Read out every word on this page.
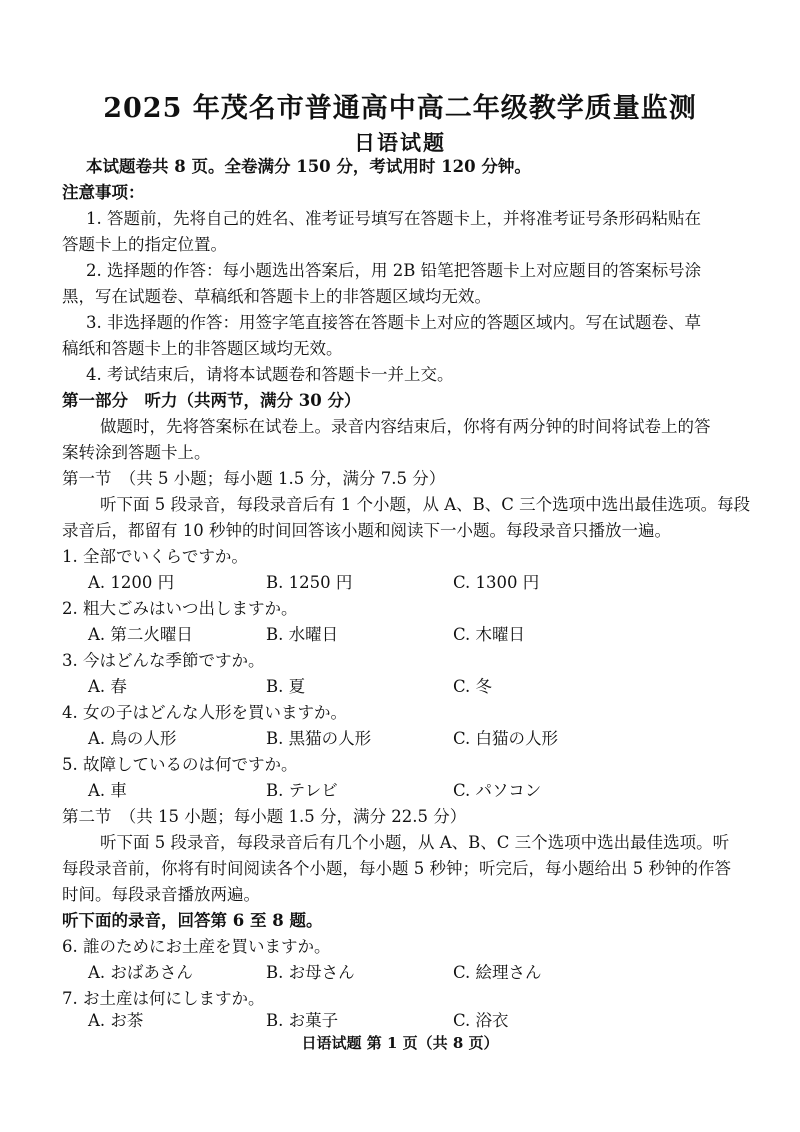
2025 年茂名市普通高中高二年级教学质量监测
日语试题
本试题卷共 8 页。全卷满分 150 分，考试用时 120 分钟。
注意事项：
1. 答题前，先将自己的姓名、准考证号填写在答题卡上，并将准考证号条形码粘贴在
答题卡上的指定位置。
2. 选择题的作答：每小题选出答案后，用 2B 铅笔把答题卡上对应题目的答案标号涂
黑，写在试题卷、草稿纸和答题卡上的非答题区域均无效。
3. 非选择题的作答：用签字笔直接答在答题卡上对应的答题区域内。写在试题卷、草
稿纸和答题卡上的非答题区域均无效。
4. 考试结束后，请将本试题卷和答题卡一并上交。
第一部分　听力（共两节，满分 30 分）
做题时，先将答案标在试卷上。录音内容结束后，你将有两分钟的时间将试卷上的答
案转涂到答题卡上。
第一节　（共 5 小题；每小题 1.5 分，满分 7.5 分）
听下面 5 段录音，每段录音后有 1 个小题，从 A、B、C 三个选项中选出最佳选项。每段
录音后，都留有 10 秒钟的时间回答该小题和阅读下一小题。每段录音只播放一遍。
1. 全部でいくらですか。
A. 1200 円	B. 1250 円	C. 1300 円
2. 粗大ごみはいつ出しますか。
A. 第二火曜日	B. 水曜日	C. 木曜日
3. 今はどんな季節ですか。
A. 春	B. 夏	C. 冬
4. 女の子はどんな人形を買いますか。
A. 鳥の人形	B. 黒猫の人形	C. 白猫の人形
5. 故障しているのは何ですか。
A. 車	B. テレビ	C. パソコン
第二节　（共 15 小题；每小题 1.5 分，满分 22.5 分）
听下面 5 段录音，每段录音后有几个小题，从 A、B、C 三个选项中选出最佳选项。听
每段录音前，你将有时间阅读各个小题，每小题 5 秒钟；听完后，每小题给出 5 秒钟的作答
时间。每段录音播放两遍。
听下面的录音，回答第 6 至 8 题。
6. 誰のためにお土産を買いますか。
A. おばあさん	B. お母さん	C. 絵理さん
7. お土産は何にしますか。
A. お茶	B. お菓子	C. 浴衣
日语试题 第 1 页（共 8 页）
